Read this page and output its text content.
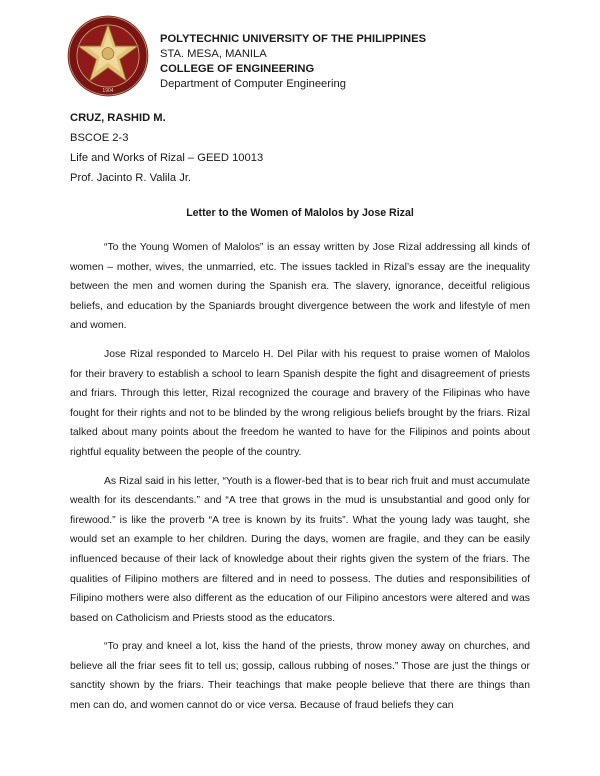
1904
POLYTECHNIC UNIVERSITY OF THE PHILIPPINES
STA. MESA, MANILA
COLLEGE OF ENGINEERING
Department of Computer Engineering
CRUZ, RASHID M.
BSCOE 2-3
Life and Works of Rizal – GEED 10013
Prof. Jacinto R. Valila Jr.
Letter to the Women of Malolos by Jose Rizal

“To the Young Women of Malolos” is an essay written by Jose Rizal addressing all kinds of women – mother, wives, the unmarried, etc. The issues tackled in Rizal’s essay are the inequality between the men and women during the Spanish era. The slavery, ignorance, deceitful religious beliefs, and education by the Spaniards brought divergence between the work and lifestyle of men and women.

Jose Rizal responded to Marcelo H. Del Pilar with his request to praise women of Malolos for their bravery to establish a school to learn Spanish despite the fight and disagreement of priests and friars. Through this letter, Rizal recognized the courage and bravery of the Filipinas who have fought for their rights and not to be blinded by the wrong religious beliefs brought by the friars. Rizal talked about many points about the freedom he wanted to have for the Filipinos and points about rightful equality between the people of the country.

As Rizal said in his letter, “Youth is a flower-bed that is to bear rich fruit and must accumulate wealth for its descendants.” and “A tree that grows in the mud is unsubstantial and good only for firewood.” is like the proverb “A tree is known by its fruits”. What the young lady was taught, she would set an example to her children. During the days, women are fragile, and they can be easily influenced because of their lack of knowledge about their rights given the system of the friars. The qualities of Filipino mothers are filtered and in need to possess. The duties and responsibilities of Filipino mothers were also different as the education of our Filipino ancestors were altered and was based on Catholicism and Priests stood as the educators.

“To pray and kneel a lot, kiss the hand of the priests, throw money away on churches, and believe all the friar sees fit to tell us; gossip, callous rubbing of noses.” Those are just the things or sanctity shown by the friars. Their teachings that make people believe that there are things than men can do, and women cannot do or vice versa. Because of fraud beliefs they can
